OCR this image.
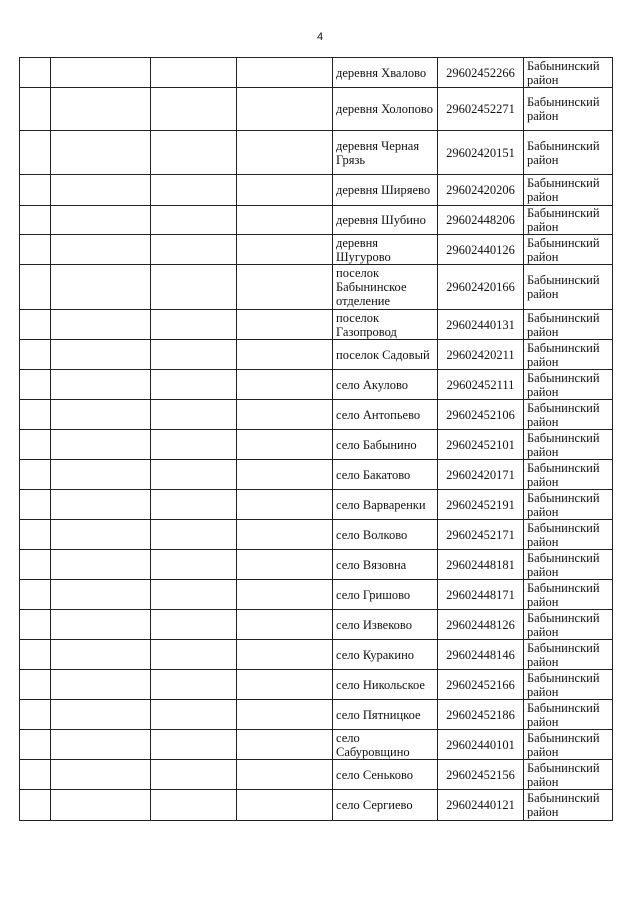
4
				деревня Хвалово	29602452266	Бабынинский район
				деревня Холопово	29602452271	Бабынинский район
				деревня Черная Грязь	29602420151	Бабынинский район
				деревня Ширяево	29602420206	Бабынинский район
				деревня Шубино	29602448206	Бабынинский район
				деревня Шугурово	29602440126	Бабынинский район
				поселок Бабынинское отделение	29602420166	Бабынинский район
				поселок Газопровод	29602440131	Бабынинский район
				поселок Садовый	29602420211	Бабынинский район
				село Акулово	29602452111	Бабынинский район
				село Антопьево	29602452106	Бабынинский район
				село Бабынино	29602452101	Бабынинский район
				село Бакатово	29602420171	Бабынинский район
				село Варваренки	29602452191	Бабынинский район
				село Волково	29602452171	Бабынинский район
				село Вязовна	29602448181	Бабынинский район
				село Гришово	29602448171	Бабынинский район
				село Извеково	29602448126	Бабынинский район
				село Куракино	29602448146	Бабынинский район
				село Никольское	29602452166	Бабынинский район
				село Пятницкое	29602452186	Бабынинский район
				село Сабуровщино	29602440101	Бабынинский район
				село Сеньково	29602452156	Бабынинский район
				село Сергиево	29602440121	Бабынинский район
